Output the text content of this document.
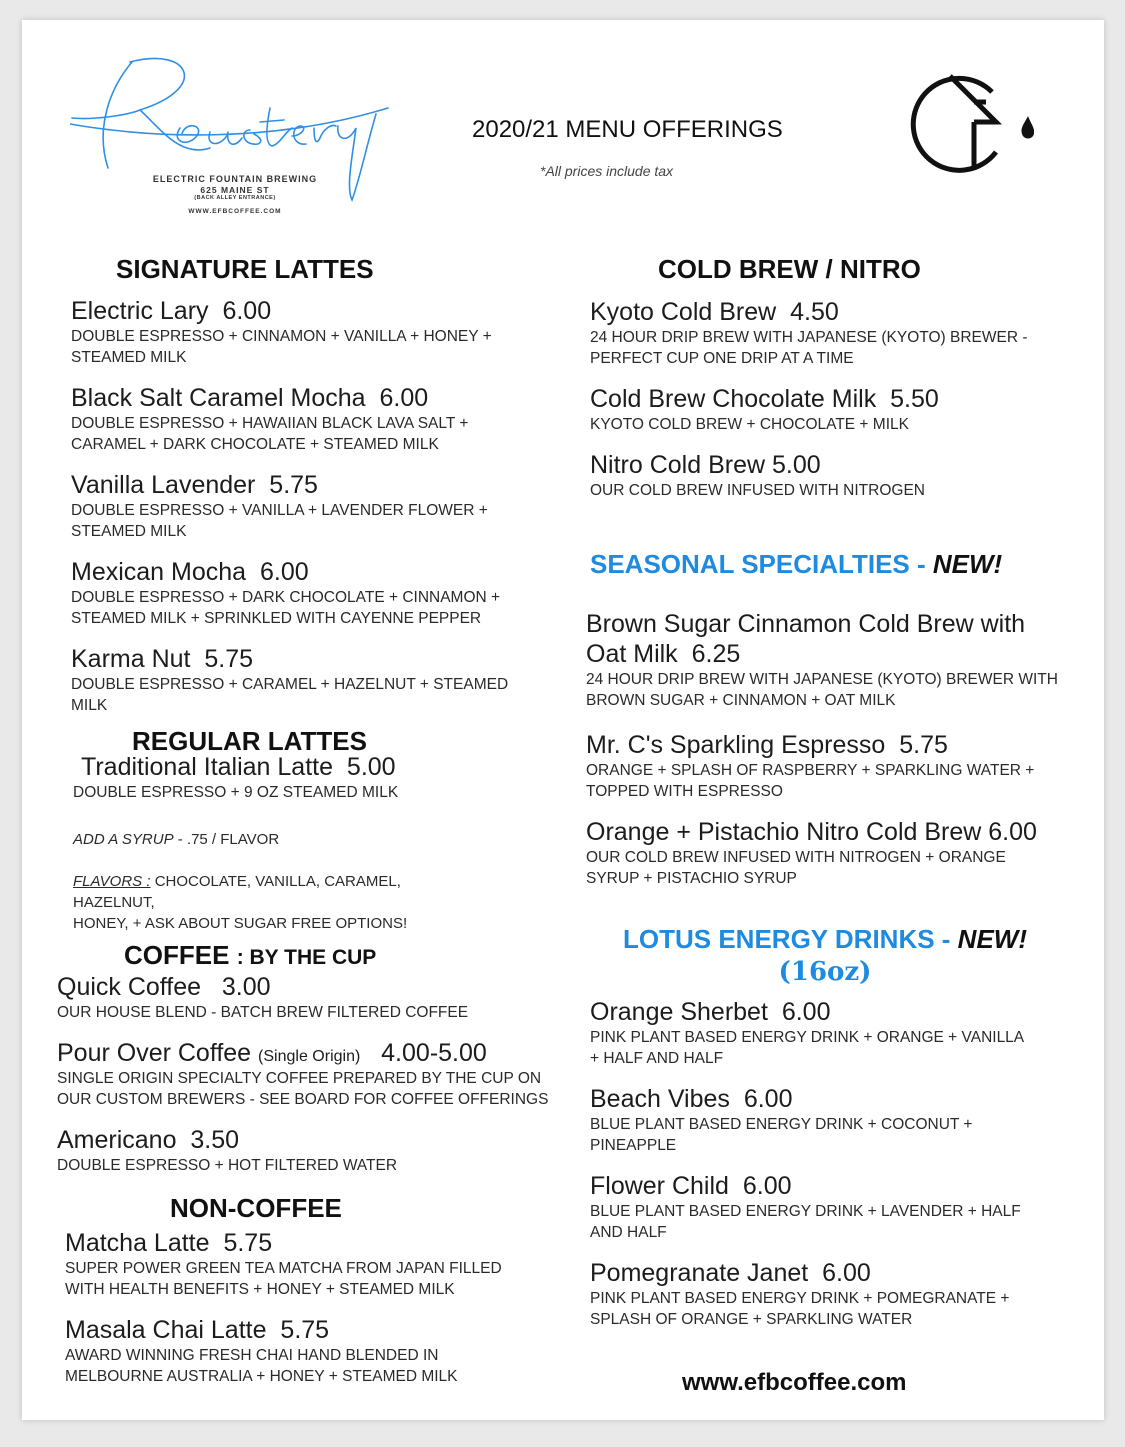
ELECTRIC FOUNTAIN BREWING
625 MAINE ST
(BACK ALLEY ENTRANCE)
WWW.EFBCOFFEE.COM
2020/21 MENU OFFERINGS
*All prices include tax
SIGNATURE LATTES
Electric Lary 6.00
DOUBLE ESPRESSO + CINNAMON + VANILLA + HONEY +
STEAMED MILK
Black Salt Caramel Mocha 6.00
DOUBLE ESPRESSO + HAWAIIAN BLACK LAVA SALT +
CARAMEL + DARK CHOCOLATE + STEAMED MILK
Vanilla Lavender 5.75
DOUBLE ESPRESSO + VANILLA + LAVENDER FLOWER +
STEAMED MILK
Mexican Mocha 6.00
DOUBLE ESPRESSO + DARK CHOCOLATE + CINNAMON +
STEAMED MILK + SPRINKLED WITH CAYENNE PEPPER
Karma Nut 5.75
DOUBLE ESPRESSO + CARAMEL + HAZELNUT + STEAMED
MILK
REGULAR LATTES
Traditional Italian Latte 5.00
DOUBLE ESPRESSO + 9 OZ STEAMED MILK
ADD A SYRUP - .75 / FLAVOR
FLAVORS : CHOCOLATE, VANILLA, CARAMEL,
HAZELNUT,
HONEY, + ASK ABOUT SUGAR FREE OPTIONS!
COFFEE : BY THE CUP
Quick Coffee 3.00
OUR HOUSE BLEND - BATCH BREW FILTERED COFFEE
Pour Over Coffee (Single Origin) 4.00-5.00
SINGLE ORIGIN SPECIALTY COFFEE PREPARED BY THE CUP ON
OUR CUSTOM BREWERS - SEE BOARD FOR COFFEE OFFERINGS
Americano 3.50
DOUBLE ESPRESSO + HOT FILTERED WATER
NON-COFFEE
Matcha Latte 5.75
SUPER POWER GREEN TEA MATCHA FROM JAPAN FILLED
WITH HEALTH BENEFITS + HONEY + STEAMED MILK
Masala Chai Latte 5.75
AWARD WINNING FRESH CHAI HAND BLENDED IN
MELBOURNE AUSTRALIA + HONEY + STEAMED MILK
COLD BREW / NITRO
Kyoto Cold Brew 4.50
24 HOUR DRIP BREW WITH JAPANESE (KYOTO) BREWER -
PERFECT CUP ONE DRIP AT A TIME
Cold Brew Chocolate Milk 5.50
KYOTO COLD BREW + CHOCOLATE + MILK
Nitro Cold Brew 5.00
OUR COLD BREW INFUSED WITH NITROGEN
SEASONAL SPECIALTIES - NEW!
Brown Sugar Cinnamon Cold Brew with
Oat Milk 6.25
24 HOUR DRIP BREW WITH JAPANESE (KYOTO) BREWER WITH
BROWN SUGAR + CINNAMON + OAT MILK
Mr. C's Sparkling Espresso 5.75
ORANGE + SPLASH OF RASPBERRY + SPARKLING WATER +
TOPPED WITH ESPRESSO
Orange + Pistachio Nitro Cold Brew 6.00
OUR COLD BREW INFUSED WITH NITROGEN + ORANGE
SYRUP + PISTACHIO SYRUP
LOTUS ENERGY DRINKS - NEW!
(16oz)
Orange Sherbet 6.00
PINK PLANT BASED ENERGY DRINK + ORANGE + VANILLA
+ HALF AND HALF
Beach Vibes 6.00
BLUE PLANT BASED ENERGY DRINK + COCONUT +
PINEAPPLE
Flower Child 6.00
BLUE PLANT BASED ENERGY DRINK + LAVENDER + HALF
AND HALF
Pomegranate Janet 6.00
PINK PLANT BASED ENERGY DRINK + POMEGRANATE +
SPLASH OF ORANGE + SPARKLING WATER
www.efbcoffee.com
